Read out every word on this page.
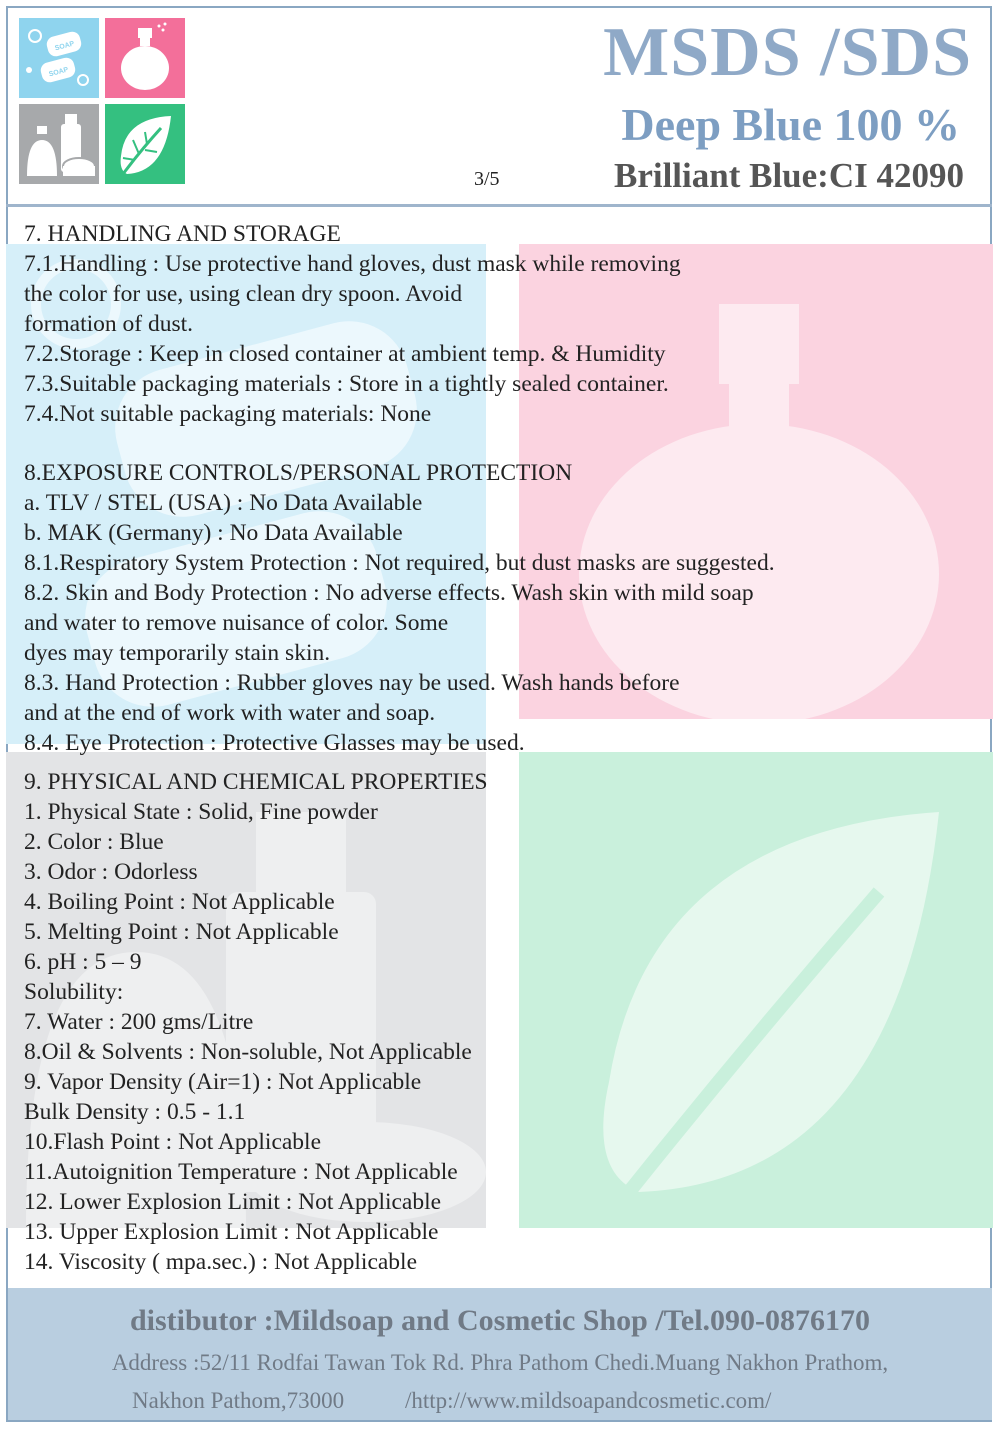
SOAP
SOAP	MSDS /SDS
Deep Blue 100 %
Brilliant Blue:CI 42090
3/5
7. HANDLING AND STORAGE
7.1.Handling : Use protective hand gloves, dust mask while removing
the color for use, using clean dry spoon. Avoid
formation of dust.
7.2.Storage : Keep in closed container at ambient temp. & Humidity
7.3.Suitable packaging materials : Store in a tightly sealed container.
7.4.Not suitable packaging materials: None
8.EXPOSURE CONTROLS/PERSONAL PROTECTION
a. TLV / STEL (USA) : No Data Available
b. MAK (Germany) : No Data Available
8.1.Respiratory System Protection : Not required, but dust masks are suggested.
8.2. Skin and Body Protection : No adverse effects. Wash skin with mild soap
and water to remove nuisance of color. Some
dyes may temporarily stain skin.
8.3. Hand Protection : Rubber gloves nay be used. Wash hands before
and at the end of work with water and soap.
8.4. Eye Protection : Protective Glasses may be used.
9. PHYSICAL AND CHEMICAL PROPERTIES
1. Physical State : Solid, Fine powder
2. Color : Blue
3. Odor : Odorless
4. Boiling Point : Not Applicable
5. Melting Point : Not Applicable
6. pH : 5 – 9
Solubility:
7. Water : 200 gms/Litre
8.Oil & Solvents : Non-soluble, Not Applicable
9. Vapor Density (Air=1) : Not Applicable
Bulk Density : 0.5 - 1.1
10.Flash Point : Not Applicable
11.Autoignition Temperature : Not Applicable
12. Lower Explosion Limit : Not Applicable
13. Upper Explosion Limit : Not Applicable
14. Viscosity ( mpa.sec.) : Not Applicable
distibutor :Mildsoap and Cosmetic Shop /Tel.090-0876170
Address :52/11 Rodfai Tawan Tok Rd. Phra Pathom Chedi.Muang Nakhon Prathom,
Nakhon Pathom,73000	/http://www.mildsoapandcosmetic.com/
